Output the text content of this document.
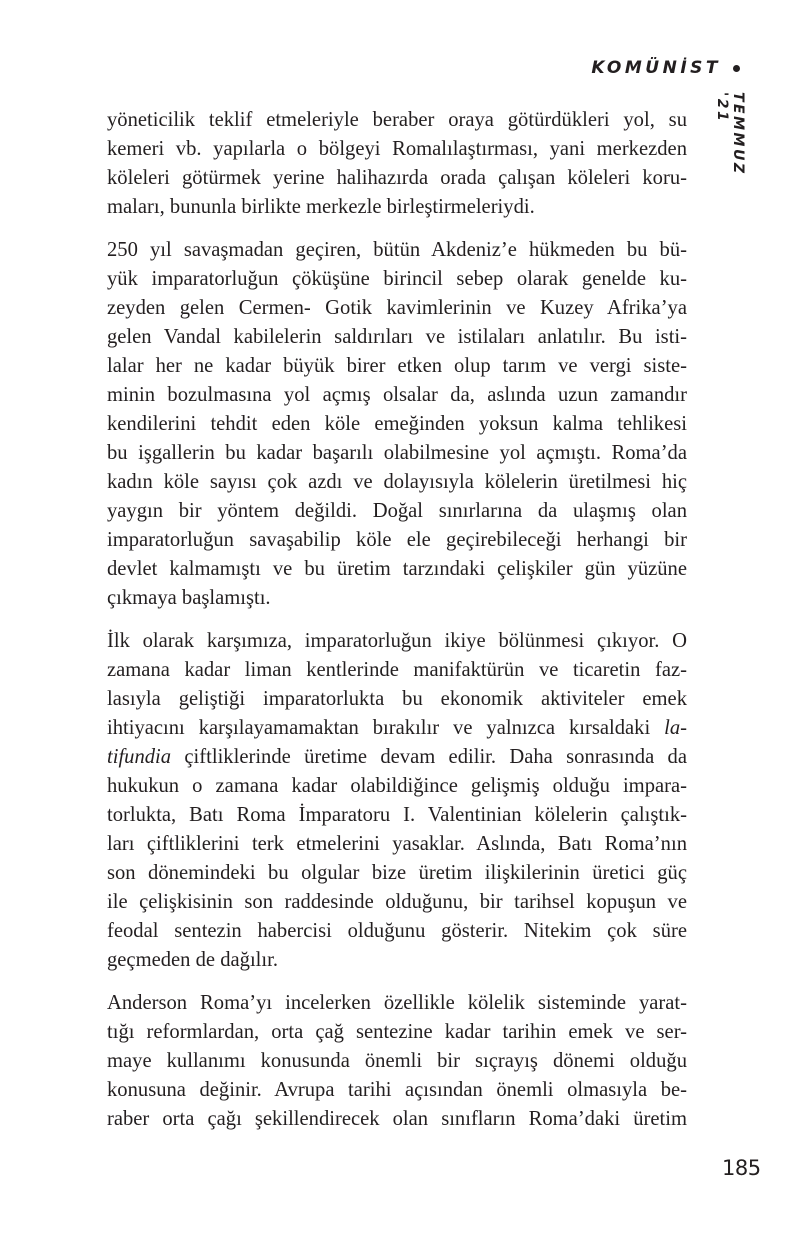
KOMÜNİST
TEMMUZ '21

yöneticilik teklif etmeleriyle beraber oraya götürdükleri yol, su
kemeri vb. yapılarla o bölgeyi Romalılaştırması, yani merkezden
köleleri götürmek yerine halihazırda orada çalışan köleleri koru-
maları, bununla birlikte merkezle birleştirmeleriydi.

250 yıl savaşmadan geçiren, bütün Akdeniz’e hükmeden bu bü-
yük imparatorluğun çöküşüne birincil sebep olarak genelde ku-
zeyden gelen Cermen- Gotik kavimlerinin ve Kuzey Afrika’ya
gelen Vandal kabilelerin saldırıları ve istilaları anlatılır. Bu isti-
lalar her ne kadar büyük birer etken olup tarım ve vergi siste-
minin bozulmasına yol açmış olsalar da, aslında uzun zamandır
kendilerini tehdit eden köle emeğinden yoksun kalma tehlikesi
bu işgallerin bu kadar başarılı olabilmesine yol açmıştı. Roma’da
kadın köle sayısı çok azdı ve dolayısıyla kölelerin üretilmesi hiç
yaygın bir yöntem değildi. Doğal sınırlarına da ulaşmış olan
imparatorluğun savaşabilip köle ele geçirebileceği herhangi bir
devlet kalmamıştı ve bu üretim tarzındaki çelişkiler gün yüzüne
çıkmaya başlamıştı.

İlk olarak karşımıza, imparatorluğun ikiye bölünmesi çıkıyor. O
zamana kadar liman kentlerinde manifaktürün ve ticaretin faz-
lasıyla geliştiği imparatorlukta bu ekonomik aktiviteler emek
ihtiyacını karşılayamamaktan bırakılır ve yalnızca kırsaldaki la-
tifundia çiftliklerinde üretime devam edilir. Daha sonrasında da
hukukun o zamana kadar olabildiğince gelişmiş olduğu impara-
torlukta, Batı Roma İmparatoru I. Valentinian kölelerin çalıştık-
ları çiftliklerini terk etmelerini yasaklar. Aslında, Batı Roma’nın
son dönemindeki bu olgular bize üretim ilişkilerinin üretici güç
ile çelişkisinin son raddesinde olduğunu, bir tarihsel kopuşun ve
feodal sentezin habercisi olduğunu gösterir. Nitekim çok süre
geçmeden de dağılır.

Anderson Roma’yı incelerken özellikle kölelik sisteminde yarat-
tığı reformlardan, orta çağ sentezine kadar tarihin emek ve ser-
maye kullanımı konusunda önemli bir sıçrayış dönemi olduğu
konusuna değinir. Avrupa tarihi açısından önemli olmasıyla be-
raber orta çağı şekillendirecek olan sınıfların Roma’daki üretim

185
